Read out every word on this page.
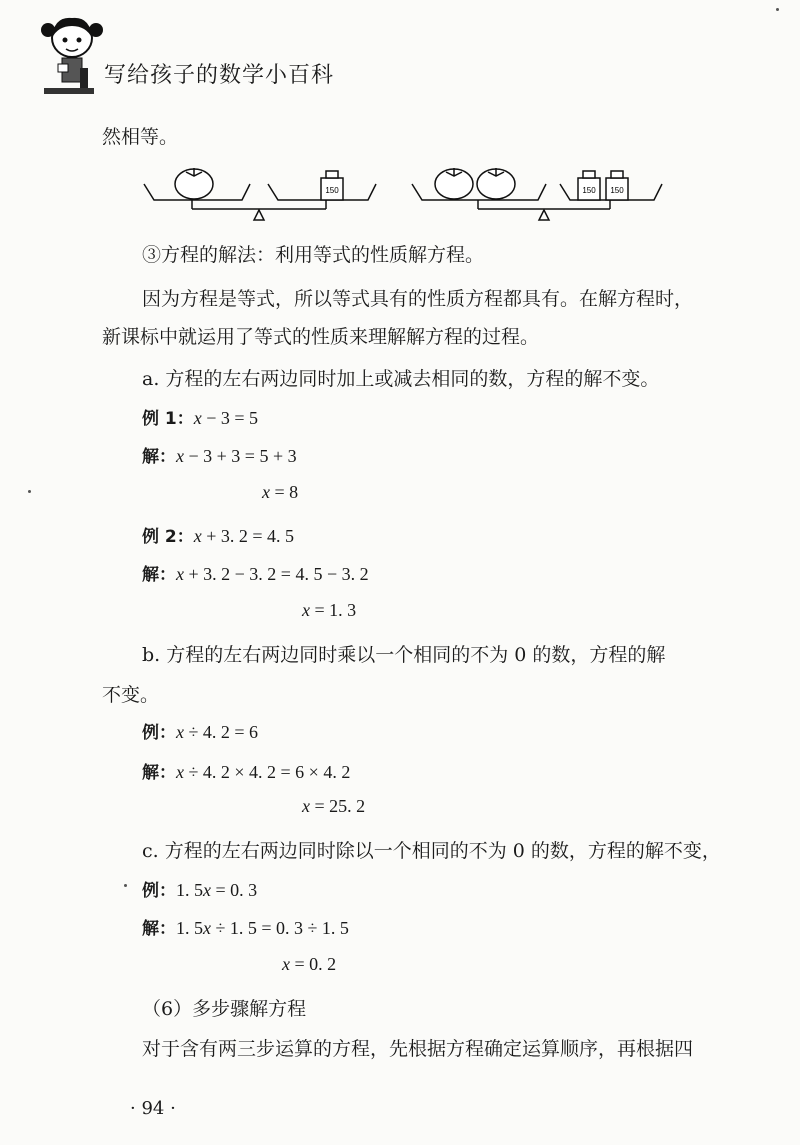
写给孩子的数学小百科
然相等。
150	150 150
③方程的解法：利用等式的性质解方程。
因为方程是等式，所以等式具有的性质方程都具有。在解方程时，
新课标中就运用了等式的性质来理解解方程的过程。
a. 方程的左右两边同时加上或减去相同的数，方程的解不变。
例 1：x − 3 = 5
解：x − 3 + 3 = 5 + 3
x = 8
例 2：x + 3. 2 = 4. 5
解：x + 3. 2 − 3. 2 = 4. 5 − 3. 2
x = 1. 3
b. 方程的左右两边同时乘以一个相同的不为 0 的数，方程的解
不变。
例：x ÷ 4. 2 = 6
解：x ÷ 4. 2 × 4. 2 = 6 × 4. 2
x = 25. 2
c. 方程的左右两边同时除以一个相同的不为 0 的数，方程的解不变，
例：1. 5x = 0. 3
解：1. 5x ÷ 1. 5 = 0. 3 ÷ 1. 5
x = 0. 2
（6）多步骤解方程
对于含有两三步运算的方程，先根据方程确定运算顺序，再根据四
· 94 ·
